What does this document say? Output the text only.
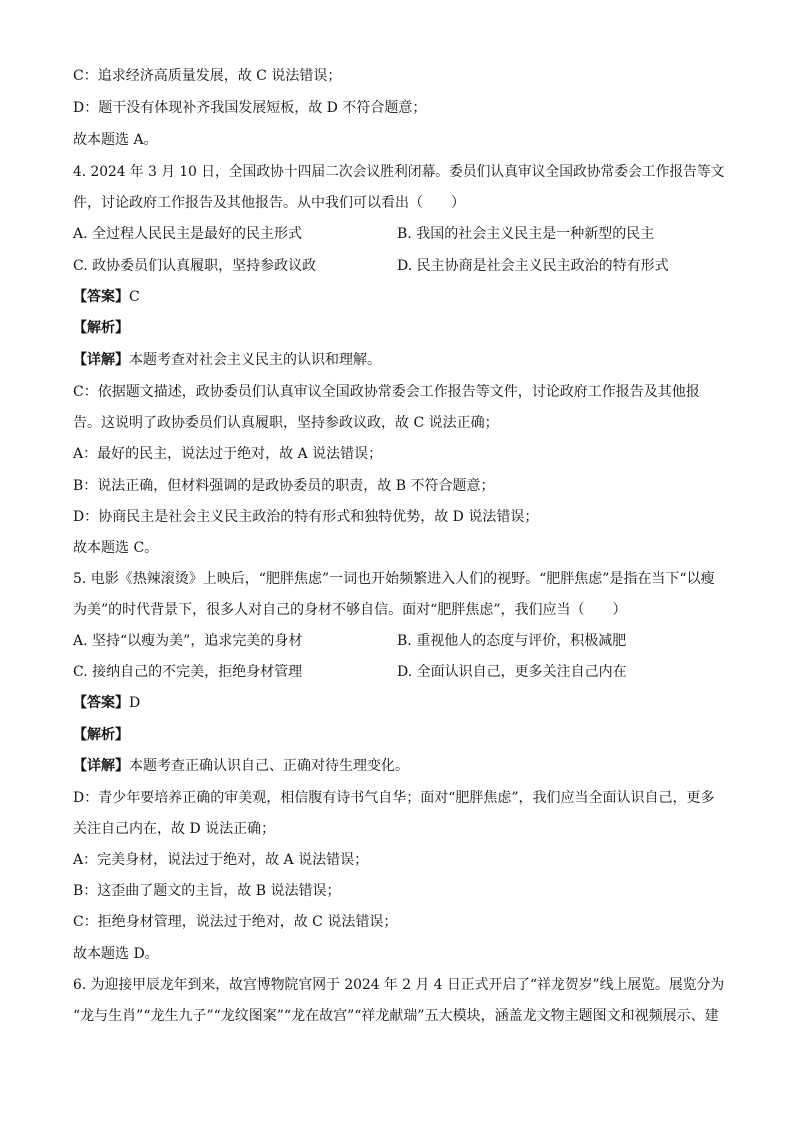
C：追求经济高质量发展，故 C 说法错误；
D：题干没有体现补齐我国发展短板，故 D 不符合题意；
故本题选 A。
4. 2024 年 3 月 10 日，全国政协十四届二次会议胜利闭幕。委员们认真审议全国政协常委会工作报告等文
件，讨论政府工作报告及其他报告。从中我们可以看出（　　）
A. 全过程人民民主是最好的民主形式	B. 我国的社会主义民主是一种新型的民主
C. 政协委员们认真履职，坚持参政议政	D. 民主协商是社会主义民主政治的特有形式
【答案】C
【解析】
【详解】本题考查对社会主义民主的认识和理解。
C：依据题文描述，政协委员们认真审议全国政协常委会工作报告等文件，讨论政府工作报告及其他报
告。这说明了政协委员们认真履职，坚持参政议政，故 C 说法正确；
A：最好的民主，说法过于绝对，故 A 说法错误；
B：说法正确，但材料强调的是政协委员的职责，故 B 不符合题意；
D：协商民主是社会主义民主政治的特有形式和独特优势，故 D 说法错误；
故本题选 C。
5. 电影《热辣滚烫》上映后，“肥胖焦虑”一词也开始频繁进入人们的视野。“肥胖焦虑”是指在当下“以瘦
为美”的时代背景下，很多人对自己的身材不够自信。面对“肥胖焦虑”，我们应当（　　）
A. 坚持“以瘦为美”，追求完美的身材	B. 重视他人的态度与评价，积极减肥
C. 接纳自己的不完美，拒绝身材管理	D. 全面认识自己，更多关注自己内在
【答案】D
【解析】
【详解】本题考查正确认识自己、正确对待生理变化。
D：青少年要培养正确的审美观，相信腹有诗书气自华；面对“肥胖焦虑”，我们应当全面认识自己，更多
关注自己内在，故 D 说法正确；
A：完美身材，说法过于绝对，故 A 说法错误；
B：这歪曲了题文的主旨，故 B 说法错误；
C：拒绝身材管理，说法过于绝对，故 C 说法错误；
故本题选 D。
6. 为迎接甲辰龙年到来，故宫博物院官网于 2024 年 2 月 4 日正式开启了“祥龙贺岁”线上展览。展览分为
“龙与生肖”“龙生九子”“龙纹图案”“龙在故宫”“祥龙献瑞”五大模块，涵盖龙文物主题图文和视频展示、建
